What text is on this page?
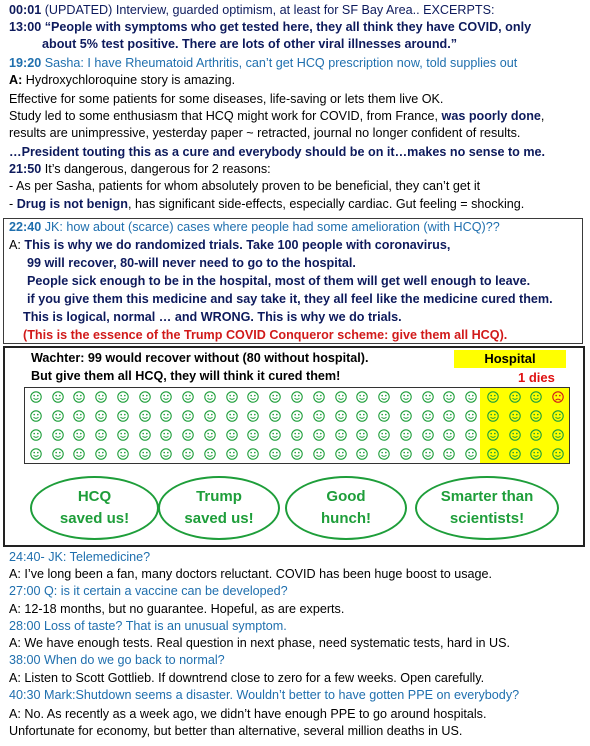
00:01 (UPDATED) Interview, guarded optimism, at least for SF Bay Area.. EXCERPTS:
13:00 “People with symptoms who get tested here, they all think they have COVID, only
about 5% test positive. There are lots of other viral illnesses around.”
19:20 Sasha: I have Rheumatoid Arthritis, can’t get HCQ prescription now, told supplies out
A: Hydroxychloroquine story is amazing.
Effective for some patients for some diseases, life-saving or lets them live OK.
Study led to some enthusiasm that HCQ might work for COVID, from France, was poorly done,
results are unimpressive, yesterday paper ~ retracted, journal no longer confident of results.
…President touting this as a cure and everybody should be on it…makes no sense to me.
21:50 It’s dangerous, dangerous for 2 reasons:
- As per Sasha, patients for whom absolutely proven to be beneficial, they can’t get it
- Drug is not benign, has significant side-effects, especially cardiac. Gut feeling = shocking.
22:40 JK: how about (scarce) cases where people had some amelioration (with HCQ)??
A: This is why we do randomized trials. Take 100 people with coronavirus,
99 will recover, 80-will never need to go to the hospital.
People sick enough to be in the hospital, most of them will get well enough to leave.
if you give them this medicine and say take it, they all feel like the medicine cured them.
This is logical, normal … and WRONG. This is why we do trials.
(This is the essence of the Trump COVID Conqueror scheme: give them all HCQ).
24:40- JK: Telemedicine?
A: I’ve long been a fan, many doctors reluctant. COVID has been huge boost to usage.
27:00 Q: is it certain a vaccine can be developed?
A: 12-18 months, but no guarantee. Hopeful, as are experts.
28:00 Loss of taste? That is an unusual symptom.
A: We have enough tests. Real question in next phase, need systematic tests, hard in US.
38:00 When do we go back to normal?
A: Listen to Scott Gottlieb. If downtrend close to zero for a few weeks. Open carefully.
40:30 Mark:Shutdown seems a disaster. Wouldn’t better to have gotten PPE on everybody?
A: No. As recently as a week ago, we didn’t have enough PPE to go around hospitals.
Unfortunate for economy, but better than alternative, several million deaths in US.
Wachter: 99 would recover without (80 without hospital).
But give them all HCQ, they will think it cured them!
Hospital
1 dies
HCQ
saved us!
Trump
saved us!
Good
hunch!
Smarter than
scientists!
